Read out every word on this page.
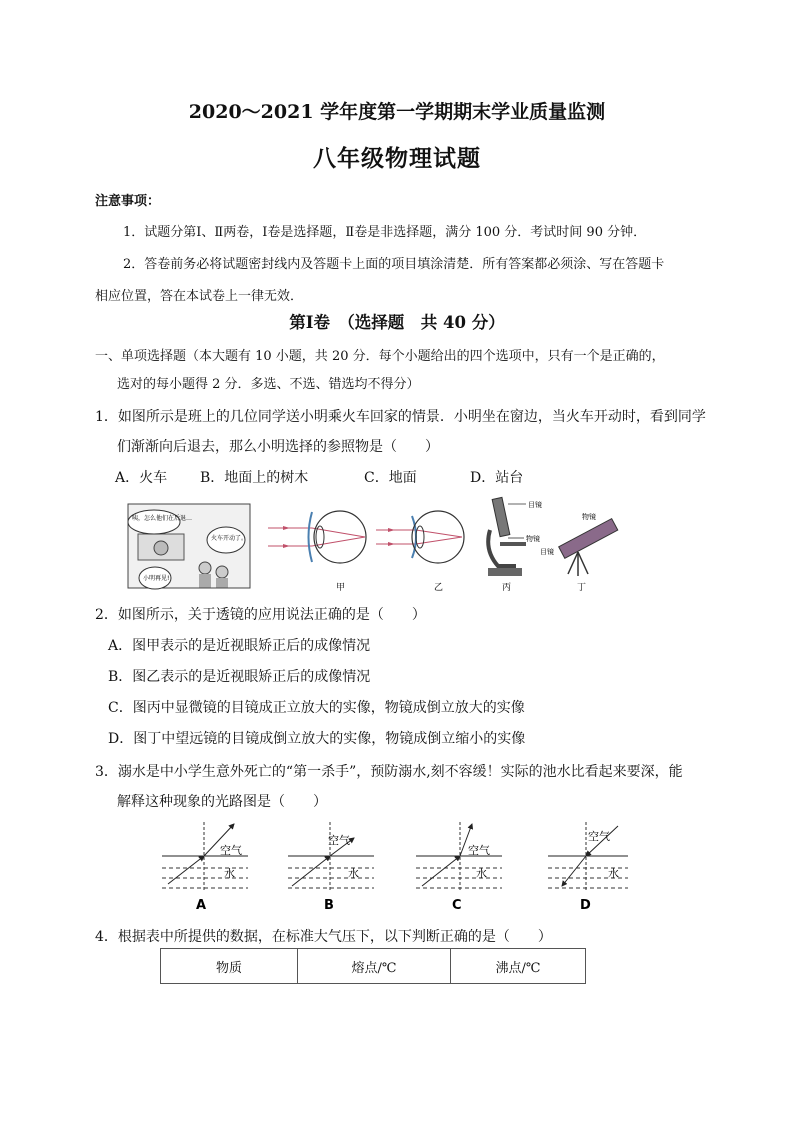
2020～2021 学年度第一学期期末学业质量监测
八年级物理试题
注意事项：
1．试题分第Ⅰ、Ⅱ两卷，Ⅰ卷是选择题，Ⅱ卷是非选择题，满分 100 分．考试时间 90 分钟．
2．答卷前务必将试题密封线内及答题卡上面的项目填涂清楚．所有答案都必须涂、写在答题卡
相应位置，答在本试卷上一律无效．
第Ⅰ卷　（选择题　共 40 分）
一、单项选择题（本大题有 10 小题，共 20 分．每个小题给出的四个选项中，只有一个是正确的，
选对的每小题得 2 分．多选、不选、错选均不得分）
1．如图所示是班上的几位同学送小明乘火车回家的情景．小明坐在窗边，当火车开动时，看到同学
们渐渐向后退去，那么小明选择的参照物是（　　）
A．火车 B．地面上的树木	C．地面	D．站台
咦，怎么他们在后退…
火车开动了。
小明再见!
甲	乙
目镜
物镜
丙
物镜
目镜
丁
2．如图所示，关于透镜的应用说法正确的是（　　）
A．图甲表示的是近视眼矫正后的成像情况
B．图乙表示的是近视眼矫正后的成像情况
C．图丙中显微镜的目镜成正立放大的实像，物镜成倒立放大的实像
D．图丁中望远镜的目镜成倒立放大的实像，物镜成倒立缩小的实像
3．溺水是中小学生意外死亡的“第一杀手”，预防溺水,刻不容缓！实际的池水比看起来要深，能
解释这种现象的光路图是（　　）
空气
水
A
空气
水
B
空气
水
C
空气
水
D
4．根据表中所提供的数据，在标准大气压下，以下判断正确的是（　　）
物质	熔点/℃	沸点/℃
